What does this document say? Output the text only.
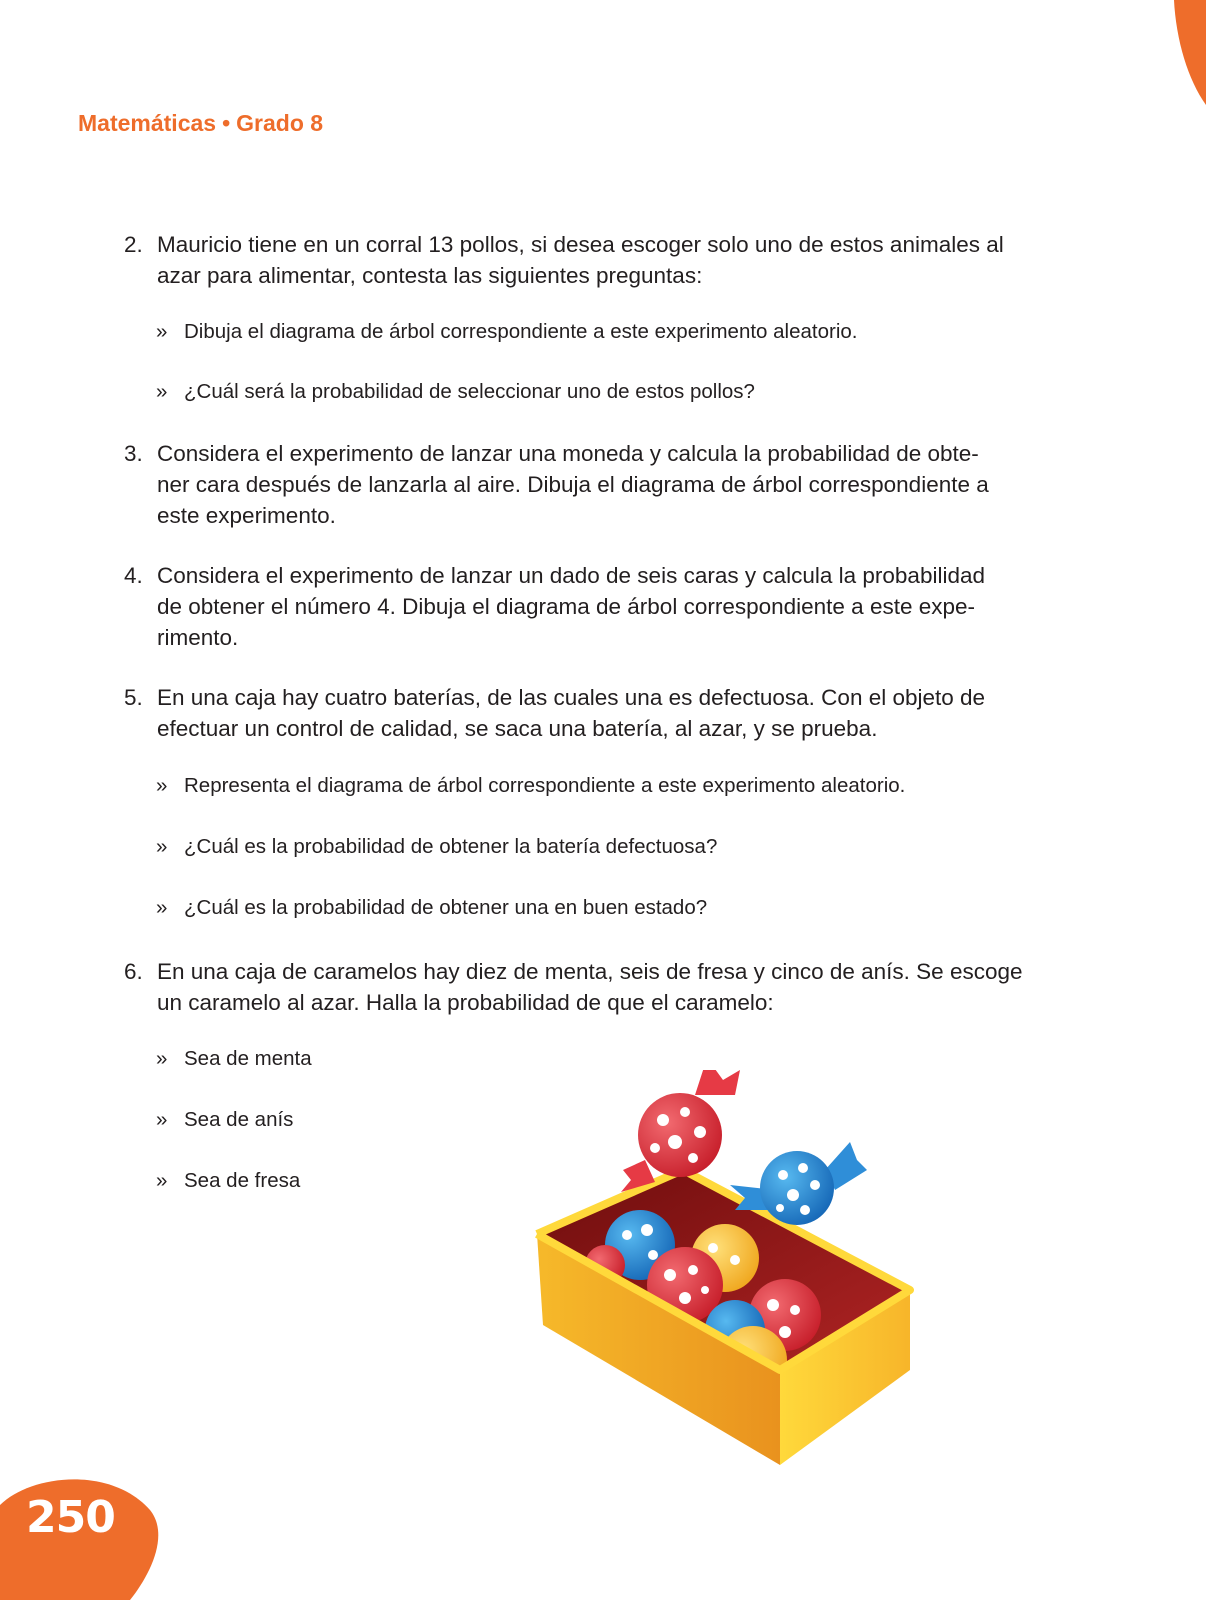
Matemáticas • Grado 8
2. Mauricio tiene en un corral 13 pollos, si desea escoger solo uno de estos animales al
azar para alimentar, contesta las siguientes preguntas:
» Dibuja el diagrama de árbol correspondiente a este experimento aleatorio.
» ¿Cuál será la probabilidad de seleccionar uno de estos pollos?
3. Considera el experimento de lanzar una moneda y calcula la probabilidad de obte-
ner cara después de lanzarla al aire. Dibuja el diagrama de árbol correspondiente a
este experimento.
4. Considera el experimento de lanzar un dado de seis caras y calcula la probabilidad
de obtener el número 4. Dibuja el diagrama de árbol correspondiente a este expe-
rimento.
5. En una caja hay cuatro baterías, de las cuales una es defectuosa. Con el objeto de
efectuar un control de calidad, se saca una batería, al azar, y se prueba.
» Representa el diagrama de árbol correspondiente a este experimento aleatorio.
» ¿Cuál es la probabilidad de obtener la batería defectuosa?
» ¿Cuál es la probabilidad de obtener una en buen estado?
6. En una caja de caramelos hay diez de menta, seis de fresa y cinco de anís. Se escoge
un caramelo al azar. Halla la probabilidad de que el caramelo:
» Sea de menta
» Sea de anís
» Sea de fresa
250
